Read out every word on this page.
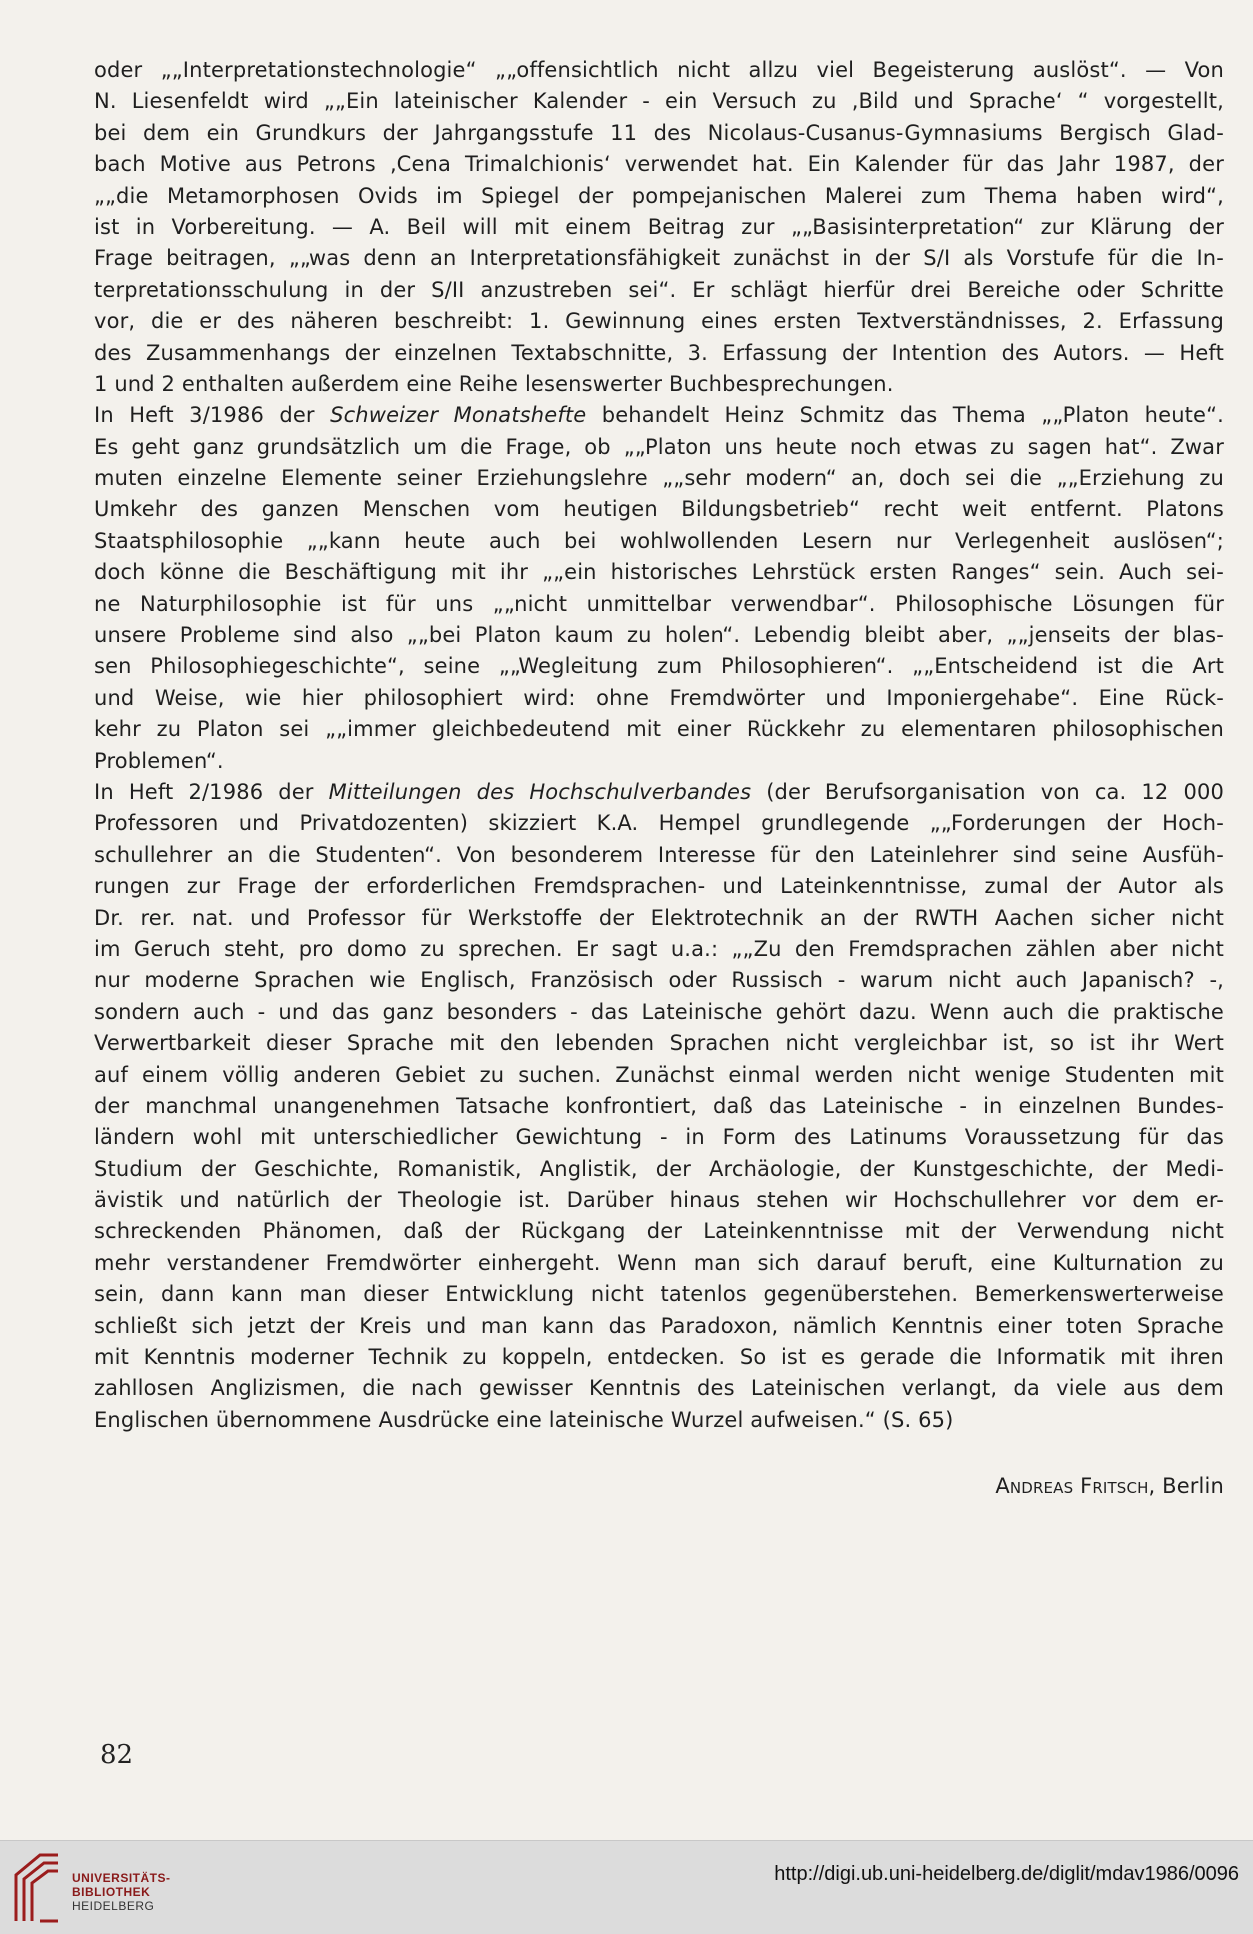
oder „„Interpretationstechnologie“ „„offensichtlich nicht allzu viel Begeisterung auslöst“. — Von
N. Liesenfeldt wird „„Ein lateinischer Kalender - ein Versuch zu ‚Bild und Sprache‘ “ vorgestellt,
bei dem ein Grundkurs der Jahrgangsstufe 11 des Nicolaus-Cusanus-Gymnasiums Bergisch Glad-
bach Motive aus Petrons ‚Cena Trimalchionis‘ verwendet hat. Ein Kalender für das Jahr 1987, der
„„die Metamorphosen Ovids im Spiegel der pompejanischen Malerei zum Thema haben wird“,
ist in Vorbereitung. — A. Beil will mit einem Beitrag zur „„Basisinterpretation“ zur Klärung der
Frage beitragen, „„was denn an Interpretationsfähigkeit zunächst in der S/I als Vorstufe für die In-
terpretationsschulung in der S/II anzustreben sei“. Er schlägt hierfür drei Bereiche oder Schritte
vor, die er des näheren beschreibt: 1. Gewinnung eines ersten Textverständnisses, 2. Erfassung
des Zusammenhangs der einzelnen Textabschnitte, 3. Erfassung der Intention des Autors. — Heft
1 und 2 enthalten außerdem eine Reihe lesenswerter Buchbesprechungen.
In Heft 3/1986 der Schweizer Monatshefte behandelt Heinz Schmitz das Thema „„Platon heute“.
Es geht ganz grundsätzlich um die Frage, ob „„Platon uns heute noch etwas zu sagen hat“. Zwar
muten einzelne Elemente seiner Erziehungslehre „„sehr modern“ an, doch sei die „„Erziehung zu
Umkehr des ganzen Menschen vom heutigen Bildungsbetrieb“ recht weit entfernt. Platons
Staatsphilosophie „„kann heute auch bei wohlwollenden Lesern nur Verlegenheit auslösen“;
doch könne die Beschäftigung mit ihr „„ein historisches Lehrstück ersten Ranges“ sein. Auch sei-
ne Naturphilosophie ist für uns „„nicht unmittelbar verwendbar“. Philosophische Lösungen für
unsere Probleme sind also „„bei Platon kaum zu holen“. Lebendig bleibt aber, „„jenseits der blas-
sen Philosophiegeschichte“, seine „„Wegleitung zum Philosophieren“. „„Entscheidend ist die Art
und Weise, wie hier philosophiert wird: ohne Fremdwörter und Imponiergehabe“. Eine Rück-
kehr zu Platon sei „„immer gleichbedeutend mit einer Rückkehr zu elementaren philosophischen
Problemen“.
In Heft 2/1986 der Mitteilungen des Hochschulverbandes (der Berufsorganisation von ca. 12 000
Professoren und Privatdozenten) skizziert K.A. Hempel grundlegende „„Forderungen der Hoch-
schullehrer an die Studenten“. Von besonderem Interesse für den Lateinlehrer sind seine Ausfüh-
rungen zur Frage der erforderlichen Fremdsprachen- und Lateinkenntnisse, zumal der Autor als
Dr. rer. nat. und Professor für Werkstoffe der Elektrotechnik an der RWTH Aachen sicher nicht
im Geruch steht, pro domo zu sprechen. Er sagt u.a.: „„Zu den Fremdsprachen zählen aber nicht
nur moderne Sprachen wie Englisch, Französisch oder Russisch - warum nicht auch Japanisch? -,
sondern auch - und das ganz besonders - das Lateinische gehört dazu. Wenn auch die praktische
Verwertbarkeit dieser Sprache mit den lebenden Sprachen nicht vergleichbar ist, so ist ihr Wert
auf einem völlig anderen Gebiet zu suchen. Zunächst einmal werden nicht wenige Studenten mit
der manchmal unangenehmen Tatsache konfrontiert, daß das Lateinische - in einzelnen Bundes-
ländern wohl mit unterschiedlicher Gewichtung - in Form des Latinums Voraussetzung für das
Studium der Geschichte, Romanistik, Anglistik, der Archäologie, der Kunstgeschichte, der Medi-
ävistik und natürlich der Theologie ist. Darüber hinaus stehen wir Hochschullehrer vor dem er-
schreckenden Phänomen, daß der Rückgang der Lateinkenntnisse mit der Verwendung nicht
mehr verstandener Fremdwörter einhergeht. Wenn man sich darauf beruft, eine Kulturnation zu
sein, dann kann man dieser Entwicklung nicht tatenlos gegenüberstehen. Bemerkenswerterweise
schließt sich jetzt der Kreis und man kann das Paradoxon, nämlich Kenntnis einer toten Sprache
mit Kenntnis moderner Technik zu koppeln, entdecken. So ist es gerade die Informatik mit ihren
zahllosen Anglizismen, die nach gewisser Kenntnis des Lateinischen verlangt, da viele aus dem
Englischen übernommene Ausdrücke eine lateinische Wurzel aufweisen.“ (S. 65)
Andreas Fritsch, Berlin
82
UNIVERSITÄTS-
BIBLIOTHEK
HEIDELBERG
http://digi.ub.uni-heidelberg.de/diglit/mdav1986/0096
